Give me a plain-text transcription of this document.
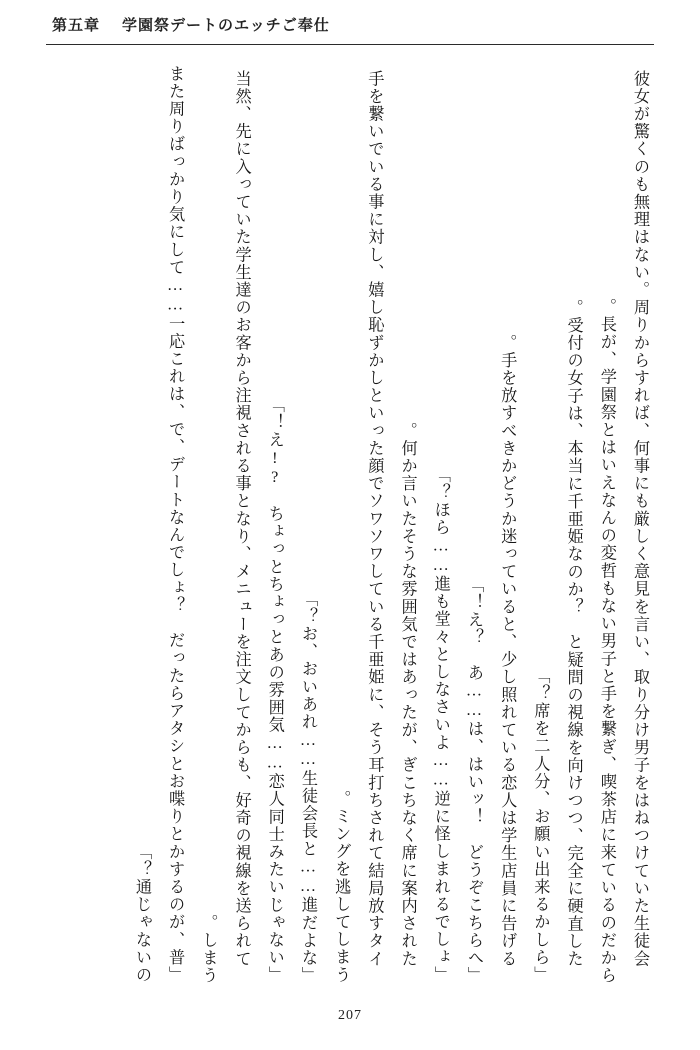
第五章 学園祭デートのエッチご奉仕

彼女が驚くのも無理はない。周りからすれば、何事にも厳しく意見を言い、取り分け男子をはねつけていた生徒会長が、学園祭とはいえなんの変哲もない男子と手を繋ぎ、喫茶店に来ているのだから。

受付の女子は、本当に千亜姫なのか？　と疑問の視線を向けつつ、完全に硬直した。

「席を二人分、お願い出来るかしら？」

手を放すべきかどうか迷っていると、少し照れている恋人は学生店員に告げる。

「え？　あ……は、はいッ！　どうぞこちらへ！」

「ほら……進も堂々としなさいよ……逆に怪しまれるでしょ？」

何か言いたそうな雰囲気ではあったが、ぎこちなく席に案内された。

手を繋いでいる事に対し、嬉し恥ずかしといった顔でソワソワしている千亜姫に、そう耳打ちされて結局放すタイミングを逃してしまう。

「お、おいあれ……生徒会長と……進だよな？」

「え!?　ちょっとちょっとあの雰囲気……恋人同士みたいじゃない！」

当然、先に入っていた学生達のお客から注視される事となり、メニューを注文してからも、好奇の視線を送られてしまう。

「また周りばっかり気にして……一応これは、で、デートなんでしょ？　だったらアタシとお喋りとかするのが、普通じゃないの？」

207
